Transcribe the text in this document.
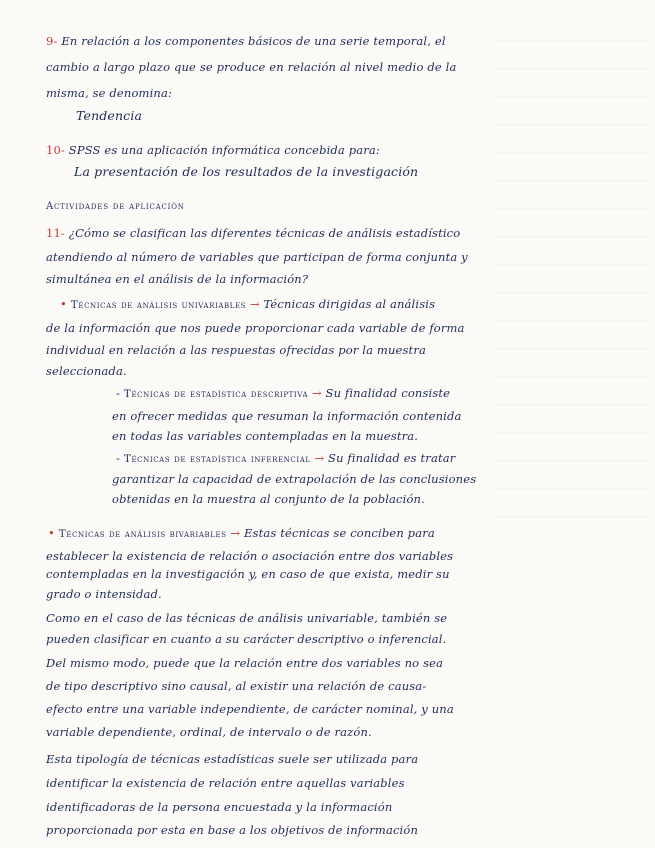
9- En relación a los componentes básicos de una serie temporal, el
cambio a largo plazo que se produce en relación al nivel medio de la
misma, se denomina:
Tendencia
10- SPSS es una aplicación informática concebida para:
La presentación de los resultados de la investigación
Actividades de aplicación
11- ¿Cómo se clasifican las diferentes técnicas de análisis estadístico
atendiendo al número de variables que participan de forma conjunta y
simultánea en el análisis de la información?
• Técnicas de análisis univariables → Técnicas dirigidas al análisis
de la información que nos puede proporcionar cada variable de forma
individual en relación a las respuestas ofrecidas por la muestra
seleccionada.
- Técnicas de estadística descriptiva → Su finalidad consiste
en ofrecer medidas que resuman la información contenida
en todas las variables contempladas en la muestra.
- Técnicas de estadística inferencial → Su finalidad es tratar
garantizar la capacidad de extrapolación de las conclusiones
obtenidas en la muestra al conjunto de la población.
• Técnicas de análisis bivariables → Estas técnicas se conciben para
establecer la existencia de relación o asociación entre dos variables
contempladas en la investigación y, en caso de que exista, medir su
grado o intensidad.
Como en el caso de las técnicas de análisis univariable, también se
pueden clasificar en cuanto a su carácter descriptivo o inferencial.
Del mismo modo, puede que la relación entre dos variables no sea
de tipo descriptivo sino causal, al existir una relación de causa-
efecto entre una variable independiente, de carácter nominal, y una
variable dependiente, ordinal, de intervalo o de razón.
Esta tipología de técnicas estadísticas suele ser utilizada para
identificar la existencia de relación entre aquellas variables
identificadoras de la persona encuestada y la información
proporcionada por esta en base a los objetivos de información
